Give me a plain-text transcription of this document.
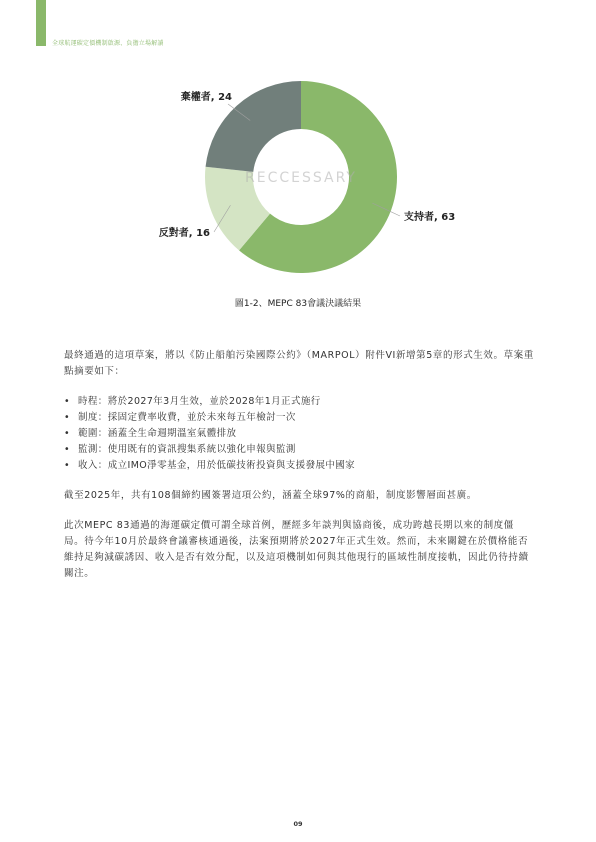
全球航運碳定價機制啟源、負擔立場解讀
支持者, 63
反對者, 16
棄權者, 24
RECCESSARY
圖1-2、MEPC 83會議決議結果

最終通過的這項草案，將以《防止船舶污染國際公約》（MARPOL）附件VI新增第5章的形式生效。草案重點摘要如下：

• 時程：將於2027年3月生效，並於2028年1月正式施行
• 制度：採固定費率收費，並於未來每五年檢討一次
• 範圍：涵蓋全生命週期溫室氣體排放
• 監測：使用既有的資訊搜集系統以強化申報與監測
• 收入：成立IMO淨零基金，用於低碳技術投資與支援發展中國家

截至2025年，共有108個締約國簽署這項公約，涵蓋全球97%的商船，制度影響層面甚廣。

此次MEPC 83通過的海運碳定價可謂全球首例，歷經多年談判與協商後，成功跨越長期以來的制度僵局。待今年10月於最終會議審核通過後，法案預期將於2027年正式生效。然而，未來關鍵在於價格能否維持足夠減碳誘因、收入是否有效分配，以及這項機制如何與其他現行的區域性制度接軌，因此仍待持續關注。

09
